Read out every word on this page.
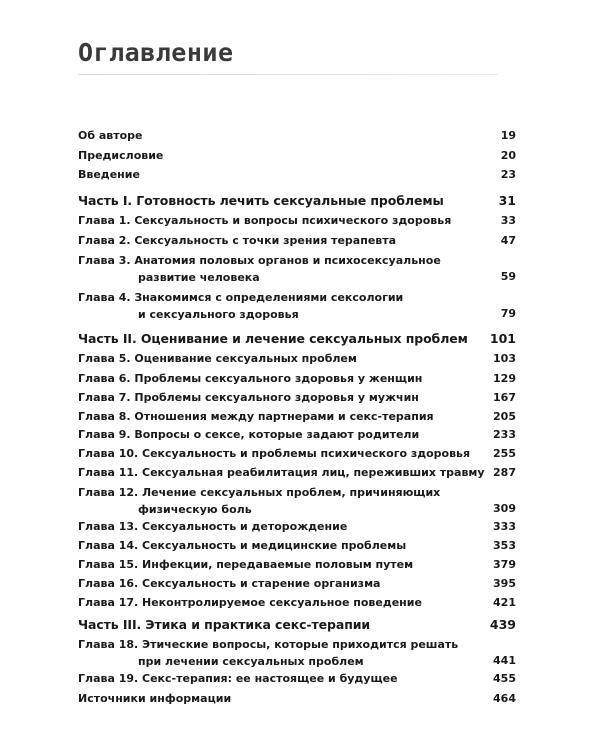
Оглавление
Об авторе	19
Предисловие	20
Введение	23
Часть I. Готовность лечить сексуальные проблемы	31
Глава 1. Сексуальность и вопросы психического здоровья	33
Глава 2. Сексуальность с точки зрения терапевта	47
Глава 3. Анатомия половых органов и психосексуальное
развитие человека	59
Глава 4. Знакомимся с определениями сексологии
и сексуального здоровья	79
Часть II. Оценивание и лечение сексуальных проблем	101
Глава 5. Оценивание сексуальных проблем	103
Глава 6. Проблемы сексуального здоровья у женщин	129
Глава 7. Проблемы сексуального здоровья у мужчин	167
Глава 8. Отношения между партнерами и секс-терапия	205
Глава 9. Вопросы о сексе, которые задают родители	233
Глава 10. Сексуальность и проблемы психического здоровья	255
Глава 11. Сексуальная реабилитация лиц, переживших травму 287
Глава 12. Лечение сексуальных проблем, причиняющих
физическую боль	309
Глава 13. Сексуальность и деторождение	333
Глава 14. Сексуальность и медицинские проблемы	353
Глава 15. Инфекции, передаваемые половым путем	379
Глава 16. Сексуальность и старение организма	395
Глава 17. Неконтролируемое сексуальное поведение	421
Часть III. Этика и практика секс-терапии	439
Глава 18. Этические вопросы, которые приходится решать
при лечении сексуальных проблем	441
Глава 19. Секс-терапия: ее настоящее и будущее	455
Источники информации	464
